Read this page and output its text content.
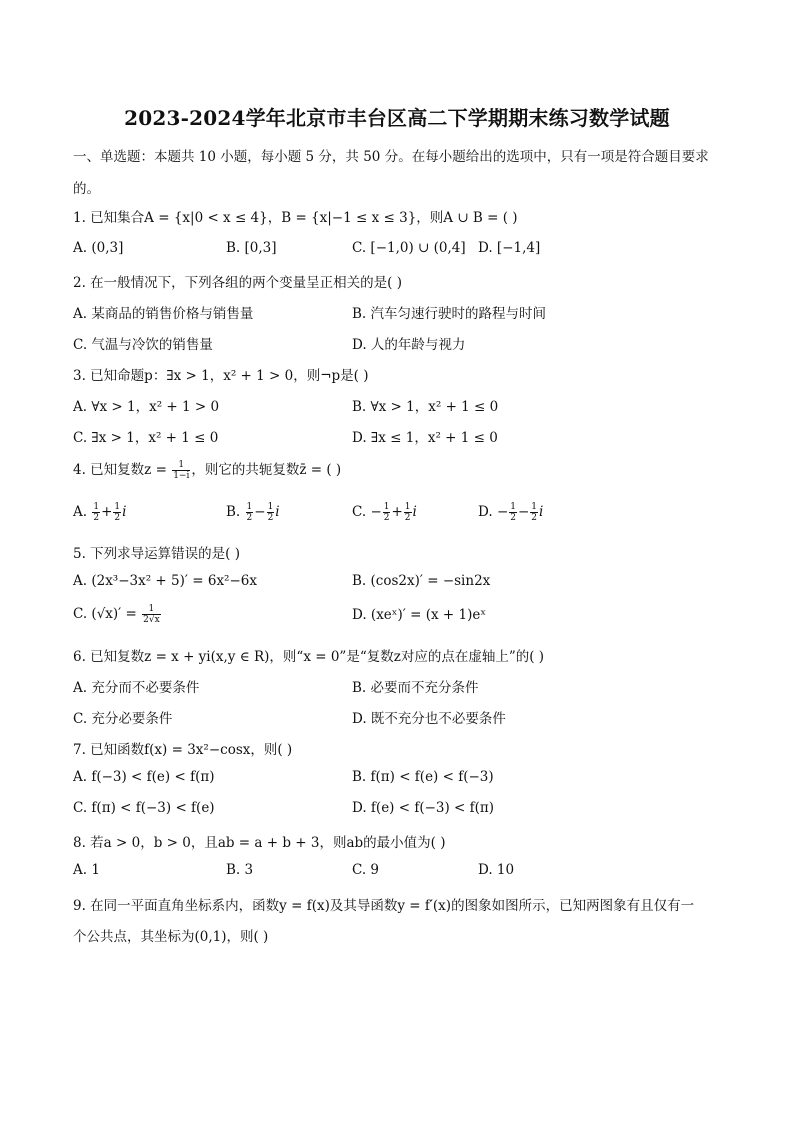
2023-2024学年北京市丰台区高二下学期期末练习数学试题
一、单选题：本题共 10 小题，每小题 5 分，共 50 分。在每小题给出的选项中，只有一项是符合题目要求
的。
1. 已知集合A = {x|0 < x ≤ 4}，B = {x|−1 ≤ x ≤ 3}，则A ∪ B = ( )
A. (0,3]	B. [0,3]	C. [−1,0) ∪ (0,4] D. [−1,4]
2. 在一般情况下，下列各组的两个变量呈正相关的是( )
A. 某商品的销售价格与销售量	B. 汽车匀速行驶时的路程与时间
C. 气温与冷饮的销售量	D. 人的年龄与视力
3. 已知命题p：∃x > 1，x² + 1 > 0，则¬p是( )
A. ∀x > 1，x² + 1 > 0	B. ∀x > 1，x² + 1 ≤ 0
C. ∃x > 1，x² + 1 ≤ 0	D. ∃x ≤ 1，x² + 1 ≤ 0
4. 已知复数$z = \frac{1}{1-i}$ ，则它的共轭复数z̄ = ( )
A. $\frac{1}{2} + \frac{1}{2}$ i	B. $\frac{1}{2} - \frac{1}{2}$ i	C. − $\frac{1}{2} + \frac{1}{2}$ i	D. − $\frac{1}{2} - \frac{1}{2}$ i
5. 下列求导运算错误的是( )
A. (2x³−3x² + 5)′ = 6x²−6x	B. (cos2x)′ = −sin2x
C. $(√x)' = \frac{1}{2√x}$	D. (xeˣ)′ = (x + 1)eˣ
6. 已知复数z = x + yi(x,y ∈ R)，则“x = 0”是“复数z对应的点在虚轴上”的( )
A. 充分而不必要条件	B. 必要而不充分条件
C. 充分必要条件	D. 既不充分也不必要条件
7. 已知函数f(x) = 3x²−cosx，则( )
A. f(−3) < f(e) < f(π)	B. f(π) < f(e) < f(−3)
C. f(π) < f(−3) < f(e)	D. f(e) < f(−3) < f(π)
8. 若a > 0，b > 0，且ab = a + b + 3，则ab的最小值为( )
A. 1	B. 3	C. 9	D. 10
9. 在同一平面直角坐标系内，函数y = f(x)及其导函数y = f′(x)的图象如图所示，已知两图象有且仅有一
个公共点，其坐标为(0,1)，则( )
